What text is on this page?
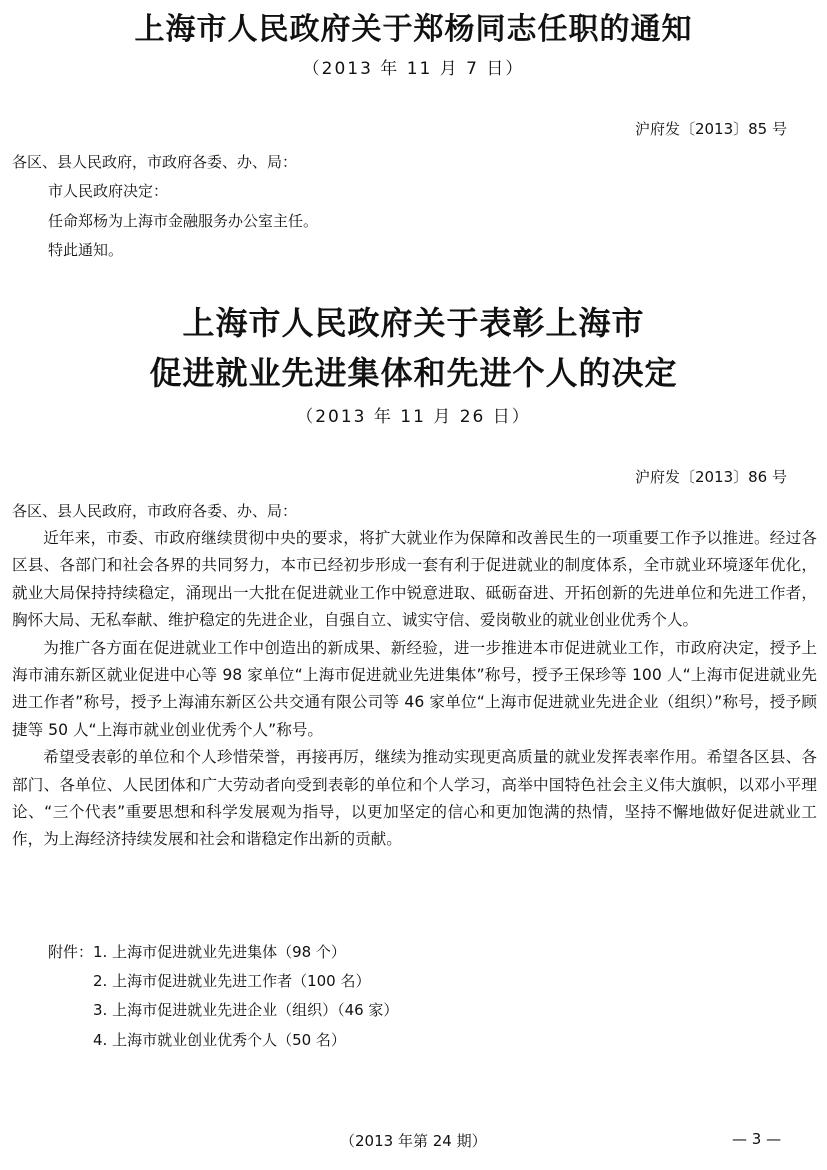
上海市人民政府关于郑杨同志任职的通知
（2013 年 11 月 7 日）
沪府发〔2013〕85 号
各区、县人民政府，市政府各委、办、局：
市人民政府决定：
任命郑杨为上海市金融服务办公室主任。
特此通知。
上海市人民政府关于表彰上海市
促进就业先进集体和先进个人的决定
（2013 年 11 月 26 日）
沪府发〔2013〕86 号
各区、县人民政府，市政府各委、办、局：

近年来，市委、市政府继续贯彻中央的要求，将扩大就业作为保障和改善民生的一项重要工作予以推进。经过各区县、各部门和社会各界的共同努力，本市已经初步形成一套有利于促进就业的制度体系，全市就业环境逐年优化，就业大局保持持续稳定，涌现出一大批在促进就业工作中锐意进取、砥砺奋进、开拓创新的先进单位和先进工作者，胸怀大局、无私奉献、维护稳定的先进企业，自强自立、诚实守信、爱岗敬业的就业创业优秀个人。

为推广各方面在促进就业工作中创造出的新成果、新经验，进一步推进本市促进就业工作，市政府决定，授予上海市浦东新区就业促进中心等 98 家单位“上海市促进就业先进集体”称号，授予王保珍等 100 人“上海市促进就业先进工作者”称号，授予上海浦东新区公共交通有限公司等 46 家单位“上海市促进就业先进企业（组织）”称号，授予顾捷等 50 人“上海市就业创业优秀个人”称号。

希望受表彰的单位和个人珍惜荣誉，再接再厉，继续为推动实现更高质量的就业发挥表率作用。希望各区县、各部门、各单位、人民团体和广大劳动者向受到表彰的单位和个人学习，高举中国特色社会主义伟大旗帜，以邓小平理论、“三个代表”重要思想和科学发展观为指导，以更加坚定的信心和更加饱满的热情，坚持不懈地做好促进就业工作，为上海经济持续发展和社会和谐稳定作出新的贡献。

附件：1. 上海市促进就业先进集体（98 个）
2. 上海市促进就业先进工作者（100 名）
3. 上海市促进就业先进企业（组织）（46 家）
4. 上海市就业创业优秀个人（50 名）
（2013 年第 24 期）	— 3 —
